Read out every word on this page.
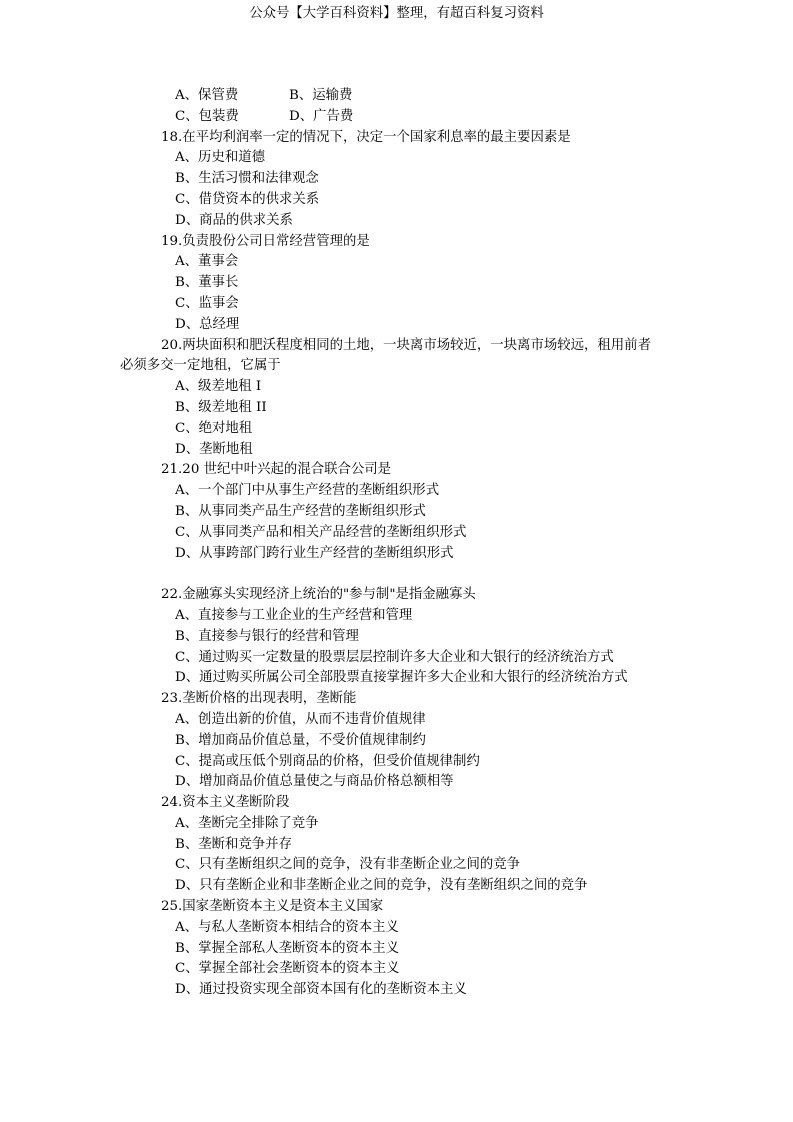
公众号【大学百科资料】整理，有超百科复习资料
A、保管费	B、运输费
C、包装费	D、广告费
18.在平均利润率一定的情况下，决定一个国家利息率的最主要因素是
A、历史和道德
B、生活习惯和法律观念
C、借贷资本的供求关系
D、商品的供求关系
19.负责股份公司日常经营管理的是
A、董事会
B、董事长
C、监事会
D、总经理
20.两块面积和肥沃程度相同的土地，一块离市场较近，一块离市场较远，租用前者
必须多交一定地租，它属于
A、级差地租 I
B、级差地租 II
C、绝对地租
D、垄断地租
21.20 世纪中叶兴起的混合联合公司是
A、一个部门中从事生产经营的垄断组织形式
B、从事同类产品生产经营的垄断组织形式
C、从事同类产品和相关产品经营的垄断组织形式
D、从事跨部门跨行业生产经营的垄断组织形式
22.金融寡头实现经济上统治的"参与制"是指金融寡头
A、直接参与工业企业的生产经营和管理
B、直接参与银行的经营和管理
C、通过购买一定数量的股票层层控制许多大企业和大银行的经济统治方式
D、通过购买所属公司全部股票直接掌握许多大企业和大银行的经济统治方式
23.垄断价格的出现表明，垄断能
A、创造出新的价值，从而不违背价值规律
B、增加商品价值总量，不受价值规律制约
C、提高或压低个别商品的价格，但受价值规律制约
D、增加商品价值总量使之与商品价格总额相等
24.资本主义垄断阶段
A、垄断完全排除了竞争
B、垄断和竞争并存
C、只有垄断组织之间的竞争，没有非垄断企业之间的竞争
D、只有垄断企业和非垄断企业之间的竞争，没有垄断组织之间的竞争
25.国家垄断资本主义是资本主义国家
A、与私人垄断资本相结合的资本主义
B、掌握全部私人垄断资本的资本主义
C、掌握全部社会垄断资本的资本主义
D、通过投资实现全部资本国有化的垄断资本主义
